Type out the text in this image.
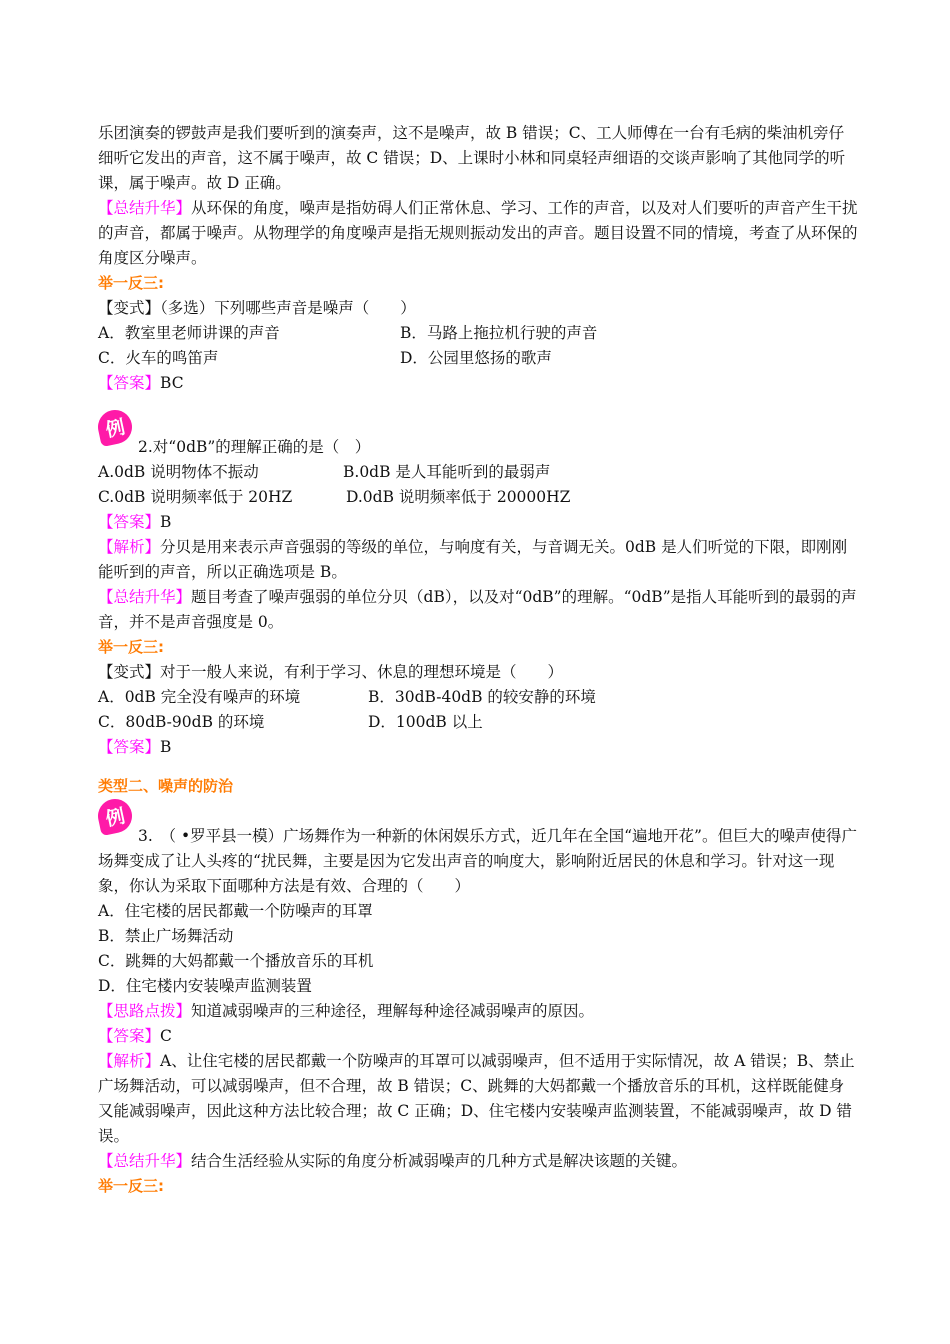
乐团演奏的锣鼓声是我们要听到的演奏声，这不是噪声，故 B 错误；C、工人师傅在一台有毛病的柴油机旁仔细听它发出的声音，这不属于噪声，故 C 错误；D、上课时小林和同桌轻声细语的交谈声影响了其他同学的听课，属于噪声。故 D 正确。

【总结升华】从环保的角度，噪声是指妨碍人们正常休息、学习、工作的声音，以及对人们要听的声音产生干扰的声音，都属于噪声。从物理学的角度噪声是指无规则振动发出的声音。题目设置不同的情境，考查了从环保的角度区分噪声。

举一反三:

【变式】（多选）下列哪些声音是噪声（　　）

A．教室里老师讲课的声音	B．马路上拖拉机行驶的声音
C．火车的鸣笛声	D．公园里悠扬的歌声

【答案】BC

例
2.对“0dB”的理解正确的是（　）
A.0dB 说明物体不振动	B.0dB 是人耳能听到的最弱声
C.0dB 说明频率低于 20HZ	D.0dB 说明频率低于 20000HZ

【答案】B

【解析】分贝是用来表示声音强弱的等级的单位，与响度有关，与音调无关。0dB 是人们听觉的下限，即刚刚能听到的声音，所以正确选项是 B。

【总结升华】题目考查了噪声强弱的单位分贝（dB），以及对“0dB”的理解。“0dB”是指人耳能听到的最弱的声音，并不是声音强度是 0。

举一反三:

【变式】对于一般人来说，有利于学习、休息的理想环境是（　　）

A．0dB 完全没有噪声的环境	B．30dB-40dB 的较安静的环境
C．80dB-90dB 的环境	D．100dB 以上

【答案】B

类型二、噪声的防治
例

3.　（ •罗平县一模）广场舞作为一种新的休闲娱乐方式，近几年在全国“遍地开花”。但巨大的噪声使得广场舞变成了让人头疼的“扰民舞，主要是因为它发出声音的响度大，影响附近居民的休息和学习。针对这一现象，你认为采取下面哪种方法是有效、合理的（　　）

A．住宅楼的居民都戴一个防噪声的耳罩

B．禁止广场舞活动

C．跳舞的大妈都戴一个播放音乐的耳机

D．住宅楼内安装噪声监测装置

【思路点拨】知道减弱噪声的三种途径，理解每种途径减弱噪声的原因。

【答案】C

【解析】A、让住宅楼的居民都戴一个防噪声的耳罩可以减弱噪声，但不适用于实际情况，故 A 错误；B、禁止广场舞活动，可以减弱噪声，但不合理，故 B 错误；C、跳舞的大妈都戴一个播放音乐的耳机，这样既能健身又能减弱噪声，因此这种方法比较合理；故 C 正确；D、住宅楼内安装噪声监测装置，不能减弱噪声，故 D 错误。

【总结升华】结合生活经验从实际的角度分析减弱噪声的几种方式是解决该题的关键。

举一反三:
